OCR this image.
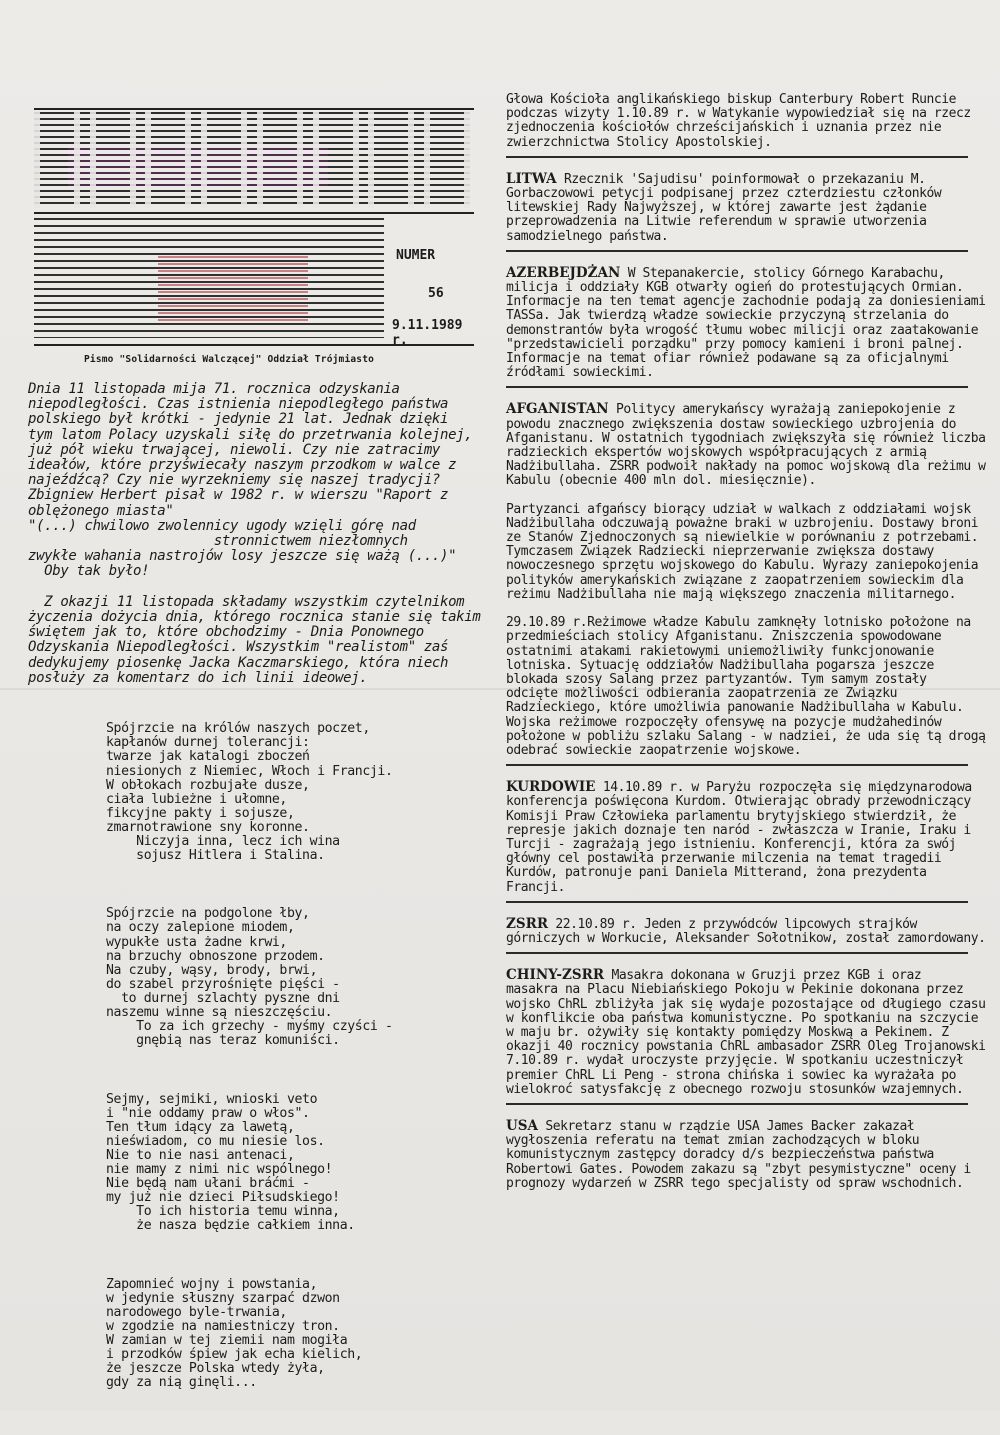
NUMER
56
9.11.1989 r.
Pismo "Solidarności Walczącej" Oddział Trójmiasto
Dnia 11 listopada mija 71. rocznica odzyskania
niepodległości. Czas istnienia niepodległego państwa
polskiego był krótki - jedynie 21 lat. Jednak dzięki
tym latom Polacy uzyskali siłę do przetrwania kolejnej,
już pół wieku trwającej, niewoli. Czy nie zatracimy
ideałów, które przyświecały naszym przodkom w walce z
najeźdźcą? Czy nie wyrzekniemy się naszej tradycji?
Zbigniew Herbert pisał w 1982 r. w wierszu "Raport z
oblężonego miasta"
"(...) chwilowo zwolennicy ugody wzięli górę nad
stronnictwem niezłomnych
zwykłe wahania nastrojów losy jeszcze się ważą (...)"
Oby tak było!

Z okazji 11 listopada składamy wszystkim czytelnikom
życzenia dożycia dnia, którego rocznica stanie się takim
świętem jak to, które obchodzimy - Dnia Ponownego
Odzyskania Niepodległości. Wszystkim "realistom" zaś
dedykujemy piosenkę Jacka Kaczmarskiego, która niech
posłuży za komentarz do ich linii ideowej.

Spójrzcie na królów naszych poczet,
kapłanów durnej tolerancji:
twarze jak katalogi zboczeń
niesionych z Niemiec, Włoch i Francji.
W obłokach rozbujałe dusze,
ciała lubieżne i ułomne,
fikcyjne pakty i sojusze,
zmarnotrawione sny koronne.
Niczyja inna, lecz ich wina
sojusz Hitlera i Stalina.

Spójrzcie na podgolone łby,
na oczy zalepione miodem,
wypukłe usta żadne krwi,
na brzuchy obnoszone przodem.
Na czuby, wąsy, brody, brwi,
do szabel przyrośnięte pięści -
to durnej szlachty pyszne dni
naszemu winne są nieszczęściu.
To za ich grzechy - myśmy czyści -
gnębią nas teraz komuniści.

Sejmy, sejmiki, wnioski veto
i "nie oddamy praw o włos".
Ten tłum idący za lawetą,
nieświadom, co mu niesie los.
Nie to nie nasi antenaci,
nie mamy z nimi nic wspólnego!
Nie będą nam ułani bráćmi -
my już nie dzieci Piłsudskiego!
To ich historia temu winna,
że nasza będzie całkiem inna.

Zapomnieć wojny i powstania,
w jedynie słuszny szarpać dzwon
narodowego byle-trwania,
w zgodzie na namiestniczy tron.
W zamian w tej ziemii nam mogiła
i przodków śpiew jak echa kielich,
że jeszcze Polska wtedy żyła,
gdy za nią ginęli...

Głowa Kościoła anglikańskiego biskup Canterbury Robert Runcie
podczas wizyty 1.10.89 r. w Watykanie wypowiedział się na rzecz
zjednoczenia kościołów chrześcijańskich i uznania przez nie
zwierzchnictwa Stolicy Apostolskiej.
LITWA Rzecznik 'Sajudisu' poinformował o przekazaniu M.
Gorbaczowowi petycji podpisanej przez czterdziestu członków
litewskiej Rady Najwyższej, w której zawarte jest żądanie
przeprowadzenia na Litwie referendum w sprawie utworzenia
samodzielnego państwa.
AZERBEJDŻAN W Stepanakercie, stolicy Górnego Karabachu,
milicja i oddziały KGB otwarły ogień do protestujących Ormian.
Informacje na ten temat agencje zachodnie podają za doniesieniami
TASSa. Jak twierdzą władze sowieckie przyczyną strzelania do
demonstrantów była wrogość tłumu wobec milicji oraz zaatakowanie
"przedstawicieli porządku" przy pomocy kamieni i broni palnej.
Informacje na temat ofiar również podawane są za oficjalnymi
źródłami sowieckimi.
AFGANISTAN Politycy amerykańscy wyrażają zaniepokojenie z
powodu znacznego zwiększenia dostaw sowieckiego uzbrojenia do
Afganistanu. W ostatnich tygodniach zwiększyła się również liczba
radzieckich ekspertów wojskowych współpracujących z armią
Nadżibullaha. ZSRR podwoił nakłady na pomoc wojskową dla reżimu w
Kabulu (obecnie 400 mln dol. miesięcznie).
Partyzanci afgańscy biorący udział w walkach z oddziałami wojsk
Nadżibullaha odczuwają poważne braki w uzbrojeniu. Dostawy broni
ze Stanów Zjednoczonych są niewielkie w porównaniu z potrzebami.
Tymczasem Związek Radziecki nieprzerwanie zwiększa dostawy
nowoczesnego sprzętu wojskowego do Kabulu. Wyrazy zaniepokojenia
polityków amerykańskich związane z zaopatrzeniem sowieckim dla
reżimu Nadżibullaha nie mają większego znaczenia militarnego.
29.10.89 r.Reżimowe władze Kabulu zamknęły lotnisko położone na
przedmieściach stolicy Afganistanu. Zniszczenia spowodowane
ostatnimi atakami rakietowymi uniemożliwiły funkcjonowanie
lotniska. Sytuację oddziałów Nadżibullaha pogarsza jeszcze
blokada szosy Salang przez partyzantów. Tym samym zostały
odcięte możliwości odbierania zaopatrzenia ze Związku
Radzieckiego, które umożliwia panowanie Nadżibullaha w Kabulu.
Wojska reżimowe rozpoczęły ofensywę na pozycje mudżahedinów
położone w pobliżu szlaku Salang - w nadziei, że uda się tą drogą
odebrać sowieckie zaopatrzenie wojskowe.
KURDOWIE 14.10.89 r. w Paryżu rozpoczęła się międzynarodowa
konferencja poświęcona Kurdom. Otwierając obrady przewodniczący
Komisji Praw Człowieka parlamentu brytyjskiego stwierdził, że
represje jakich doznaje ten naród - zwłaszcza w Iranie, Iraku i
Turcji - zagrażają jego istnieniu. Konferencji, która za swój
główny cel postawiła przerwanie milczenia na temat tragedii
Kurdów, patronuje pani Daniela Mitterand, żona prezydenta
Francji.
ZSRR 22.10.89 r. Jeden z przywódców lipcowych strajków
górniczych w Workucie, Aleksander Sołotnikow, został zamordowany.
CHINY-ZSRR Masakra dokonana w Gruzji przez KGB i oraz
masakra na Placu Niebiańskiego Pokoju w Pekinie dokonana przez
wojsko ChRL zbliżyła jak się wydaje pozostające od długiego czasu
w konflikcie oba państwa komunistyczne. Po spotkaniu na szczycie
w maju br. ożywiły się kontakty pomiędzy Moskwą a Pekinem. Z
okazji 40 rocznicy powstania ChRL ambasador ZSRR Oleg Trojanowski
7.10.89 r. wydał uroczyste przyjęcie. W spotkaniu uczestniczył
premier ChRL Li Peng - strona chińska i sowiec ka wyrażała po
wielokroć satysfakcję z obecnego rozwoju stosunków wzajemnych.
USA Sekretarz stanu w rządzie USA James Backer zakazał
wygłoszenia referatu na temat zmian zachodzących w bloku
komunistycznym zastępcy doradcy d/s bezpieczeństwa państwa
Robertowi Gates. Powodem zakazu są "zbyt pesymistyczne" oceny i
prognozy wydarzeń w ZSRR tego specjalisty od spraw wschodnich.
